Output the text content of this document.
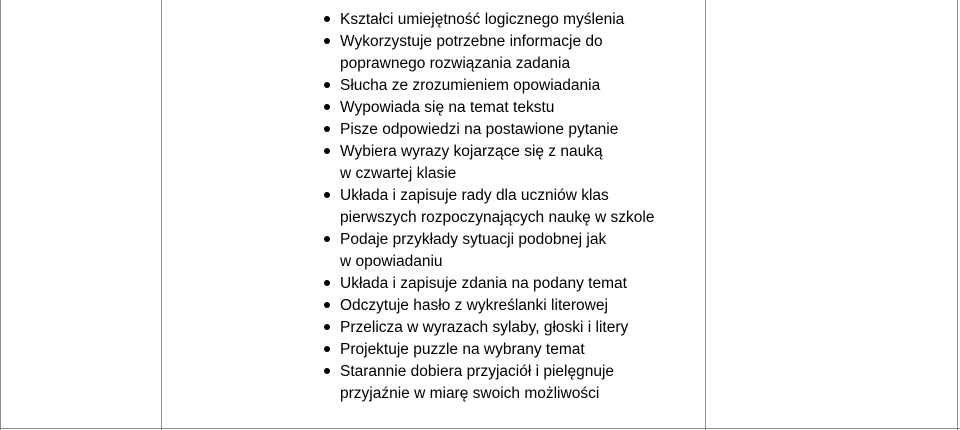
Kształci umiejętność logicznego myślenia
Wykorzystuje potrzebne informacje do
poprawnego rozwiązania zadania
Słucha ze zrozumieniem opowiadania
Wypowiada się na temat tekstu
Pisze odpowiedzi na postawione pytanie
Wybiera wyrazy kojarzące się z nauką
w czwartej klasie
Układa i zapisuje rady dla uczniów klas
pierwszych rozpoczynających naukę w szkole
Podaje przykłady sytuacji podobnej jak
w opowiadaniu
Układa i zapisuje zdania na podany temat
Odczytuje hasło z wykreślanki literowej
Przelicza w wyrazach sylaby, głoski i litery
Projektuje puzzle na wybrany temat
Starannie dobiera przyjaciół i pielęgnuje
przyjaźnie w miarę swoich możliwości
